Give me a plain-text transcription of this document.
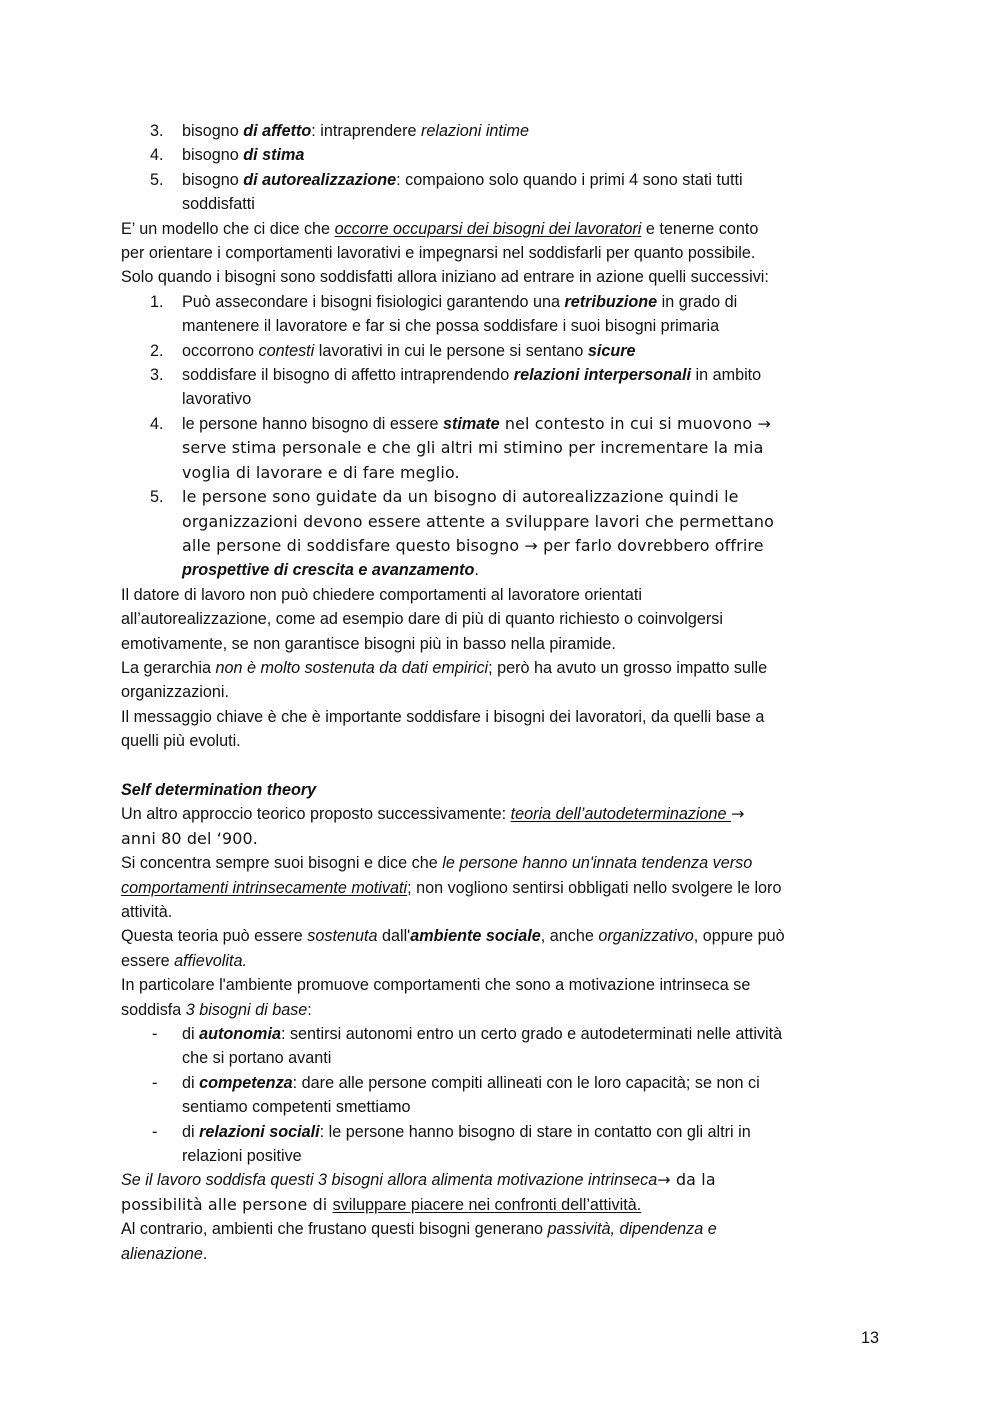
3. bisogno di affetto: intraprendere relazioni intime
4. bisogno di stima
5. bisogno di autorealizzazione: compaiono solo quando i primi 4 sono stati tutti
soddisfatti
E’ un modello che ci dice che occorre occuparsi dei bisogni dei lavoratori e tenerne conto
per orientare i comportamenti lavorativi e impegnarsi nel soddisfarli per quanto possibile.
Solo quando i bisogni sono soddisfatti allora iniziano ad entrare in azione quelli successivi:
1. Può assecondare i bisogni fisiologici garantendo una retribuzione in grado di
mantenere il lavoratore e far si che possa soddisfare i suoi bisogni primaria
2. occorrono contesti lavorativi in cui le persone si sentano sicure
3. soddisfare il bisogno di affetto intraprendendo relazioni interpersonali in ambito
lavorativo
4. le persone hanno bisogno di essere stimate nel contesto in cui si muovono →
serve stima personale e che gli altri mi stimino per incrementare la mia
voglia di lavorare e di fare meglio.
5. le persone sono guidate da un bisogno di autorealizzazione quindi le
organizzazioni devono essere attente a sviluppare lavori che permettano
alle persone di soddisfare questo bisogno → per farlo dovrebbero offrire
prospettive di crescita e avanzamento.
Il datore di lavoro non può chiedere comportamenti al lavoratore orientati
all’autorealizzazione, come ad esempio dare di più di quanto richiesto o coinvolgersi
emotivamente, se non garantisce bisogni più in basso nella piramide.
La gerarchia non è molto sostenuta da dati empirici; però ha avuto un grosso impatto sulle
organizzazioni.
Il messaggio chiave è che è importante soddisfare i bisogni dei lavoratori, da quelli base a
quelli più evoluti.
Self determination theory
Un altro approccio teorico proposto successivamente: teoria dell’autodeterminazione →
anni 80 del ‘900.
Si concentra sempre suoi bisogni e dice che le persone hanno un'innata tendenza verso
comportamenti intrinsecamente motivati; non vogliono sentirsi obbligati nello svolgere le loro
attività.
Questa teoria può essere sostenuta dall'ambiente sociale, anche organizzativo, oppure può
essere affievolita.
In particolare l'ambiente promuove comportamenti che sono a motivazione intrinseca se
soddisfa 3 bisogni di base:
- di autonomia: sentirsi autonomi entro un certo grado e autodeterminati nelle attività
che si portano avanti
- di competenza: dare alle persone compiti allineati con le loro capacità; se non ci
sentiamo competenti smettiamo
- di relazioni sociali: le persone hanno bisogno di stare in contatto con gli altri in
relazioni positive
Se il lavoro soddisfa questi 3 bisogni allora alimenta motivazione intrinseca→ da la
possibilità alle persone di sviluppare piacere nei confronti dell’attività.
Al contrario, ambienti che frustano questi bisogni generano passività, dipendenza e
alienazione.
13
